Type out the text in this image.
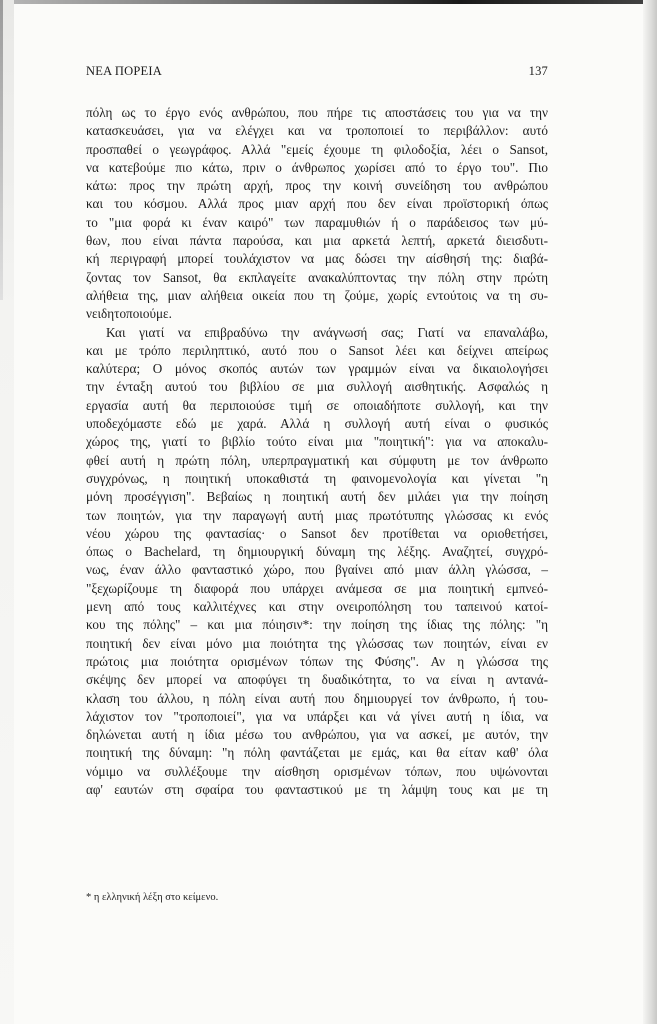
ΝΕΑ ΠΟΡΕΙΑ	137
πόλη ως το έργο ενός ανθρώπου, που πήρε τις αποστάσεις του για να την
κατασκευάσει, για να ελέγχει και να τροποποιεί το περιβάλλον: αυτό
προσπαθεί ο γεωγράφος. Αλλά "εμείς έχουμε τη φιλοδοξία, λέει ο Sansot,
να κατεβούμε πιο κάτω, πριν ο άνθρωπος χωρίσει από το έργο του". Πιο
κάτω: προς την πρώτη αρχή, προς την κοινή συνείδηση του ανθρώπου
και του κόσμου. Αλλά προς μιαν αρχή που δεν είναι προϊστορική όπως
το "μια φορά κι έναν καιρό" των παραμυθιών ή ο παράδεισος των μύ-
θων, που είναι πάντα παρούσα, και μια αρκετά λεπτή, αρκετά διεισδυτι-
κή περιγραφή μπορεί τουλάχιστον να μας δώσει την αίσθησή της: διαβά-
ζοντας τον Sansot, θα εκπλαγείτε ανακαλύπτοντας την πόλη στην πρώτη
αλήθεια της, μιαν αλήθεια οικεία που τη ζούμε, χωρίς εντούτοις να τη συ-
νειδητοποιούμε.
Και γιατί να επιβραδύνω την ανάγνωσή σας; Γιατί να επαναλάβω,
και με τρόπο περιληπτικό, αυτό που ο Sansot λέει και δείχνει απείρως
καλύτερα; Ο μόνος σκοπός αυτών των γραμμών είναι να δικαιολογήσει
την ένταξη αυτού του βιβλίου σε μια συλλογή αισθητικής. Ασφαλώς η
εργασία αυτή θα περιποιούσε τιμή σε οποιαδήποτε συλλογή, και την
υποδεχόμαστε εδώ με χαρά. Αλλά η συλλογή αυτή είναι ο φυσικός
χώρος της, γιατί το βιβλίο τούτο είναι μια "ποιητική": για να αποκαλυ-
φθεί αυτή η πρώτη πόλη, υπερπραγματική και σύμφυτη με τον άνθρωπο
συγχρόνως, η ποιητική υποκαθιστά τη φαινομενολογία και γίνεται "η
μόνη προσέγγιση". Βεβαίως η ποιητική αυτή δεν μιλάει για την ποίηση
των ποιητών, για την παραγωγή αυτή μιας πρωτότυπης γλώσσας κι ενός
νέου χώρου της φαντασίας· ο Sansot δεν προτίθεται να οριοθετήσει,
όπως ο Bachelard, τη δημιουργική δύναμη της λέξης. Αναζητεί, συγχρό-
νως, έναν άλλο φανταστικό χώρο, που βγαίνει από μιαν άλλη γλώσσα, –
"ξεχωρίζουμε τη διαφορά που υπάρχει ανάμεσα σε μια ποιητική εμπνεό-
μενη από τους καλλιτέχνες και στην ονειροπόληση του ταπεινού κατοί-
κου της πόλης" – και μια πόιησιν*: την ποίηση της ίδιας της πόλης: "η
ποιητική δεν είναι μόνο μια ποιότητα της γλώσσας των ποιητών, είναι εν
πρώτοις μια ποιότητα ορισμένων τόπων της Φύσης". Αν η γλώσσα της
σκέψης δεν μπορεί να αποφύγει τη δυαδικότητα, το να είναι η αντανά-
κλαση του άλλου, η πόλη είναι αυτή που δημιουργεί τον άνθρωπο, ή του-
λάχιστον τον "τροποποιεί", για να υπάρξει και νά γίνει αυτή η ίδια, να
δηλώνεται αυτή η ίδια μέσω του ανθρώπου, για να ασκεί, με αυτόν, την
ποιητική της δύναμη: "η πόλη φαντάζεται με εμάς, και θα είταν καθ' όλα
νόμιμο να συλλέξουμε την αίσθηση ορισμένων τόπων, που υψώνονται
αφ' εαυτών στη σφαίρα του φανταστικού με τη λάμψη τους και με τη
* η ελληνική λέξη στο κείμενο.
